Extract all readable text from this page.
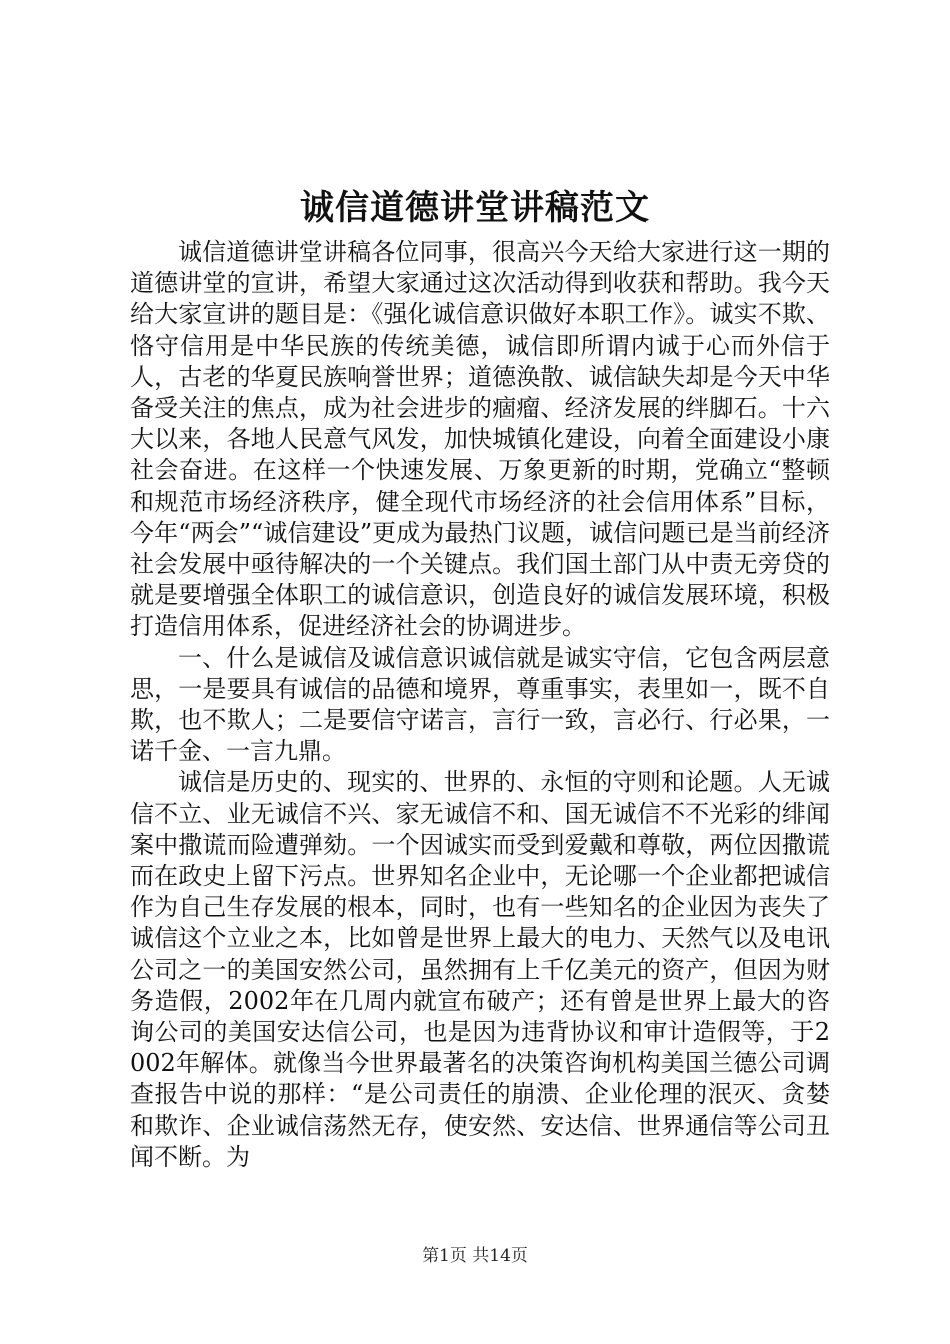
诚信道德讲堂讲稿范文

诚信道德讲堂讲稿各位同事，很高兴今天给大家进行这一期的道德讲堂的宣讲，希望大家通过这次活动得到收获和帮助。我今天给大家宣讲的题目是：《强化诚信意识做好本职工作》。诚实不欺、恪守信用是中华民族的传统美德，诚信即所谓内诚于心而外信于人，古老的华夏民族响誉世界；道德涣散、诚信缺失却是今天中华备受关注的焦点，成为社会进步的痼瘤、经济发展的绊脚石。十六大以来，各地人民意气风发，加快城镇化建设，向着全面建设小康社会奋进。在这样一个快速发展、万象更新的时期，党确立“整顿和规范市场经济秩序，健全现代市场经济的社会信用体系”目标，今年“两会”“诚信建设”更成为最热门议题，诚信问题已是当前经济社会发展中亟待解决的一个关键点。我们国土部门从中责无旁贷的就是要增强全体职工的诚信意识，创造良好的诚信发展环境，积极打造信用体系，促进经济社会的协调进步。

一、什么是诚信及诚信意识诚信就是诚实守信，它包含两层意思，一是要具有诚信的品德和境界，尊重事实，表里如一，既不自欺，也不欺人；二是要信守诺言，言行一致，言必行、行必果，一诺千金、一言九鼎。

诚信是历史的、现实的、世界的、永恒的守则和论题。人无诚信不立、业无诚信不兴、家无诚信不和、国无诚信不不光彩的绯闻案中撒谎而险遭弹劾。一个因诚实而受到爱戴和尊敬，两位因撒谎而在政史上留下污点。世界知名企业中，无论哪一个企业都把诚信作为自己生存发展的根本，同时，也有一些知名的企业因为丧失了诚信这个立业之本，比如曾是世界上最大的电力、天然气以及电讯公司之一的美国安然公司，虽然拥有上千亿美元的资产，但因为财务造假，2002年在几周内就宣布破产；还有曾是世界上最大的咨询公司的美国安达信公司，也是因为违背协议和审计造假等，于2002年解体。就像当今世界最著名的决策咨询机构美国兰德公司调查报告中说的那样：“是公司责任的崩溃、企业伦理的泯灭、贪婪和欺诈、企业诚信荡然无存，使安然、安达信、世界通信等公司丑闻不断。为

第1页 共14页
